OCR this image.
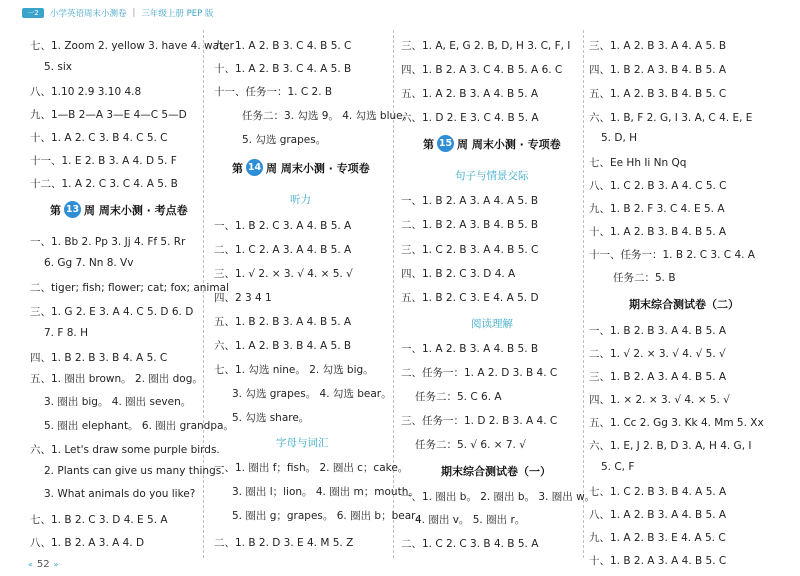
一2	小学英语周末小测卷 | 三年级上册 PEP 版
七、1. Zoom 2. yellow 3. have 4. water
5. six
八、1.10 2.9 3.10 4.8
九、1—B 2—A 3—E 4—C 5—D
十、1. A 2. C 3. B 4. C 5. C
十一、1. E 2. B 3. A 4. D 5. F
十二、1. A 2. C 3. C 4. A 5. B
第 13 周 周末小测 · 考点卷
一、1. Bb 2. Pp 3. Jj 4. Ff 5. Rr
6. Gg 7. Nn 8. Vv
二、tiger; fish; flower; cat; fox; animal
三、1. G 2. E 3. A 4. C 5. D 6. D
7. F 8. H
四、1. B 2. B 3. B 4. A 5. C
五、1. 圈出 brown。 2. 圈出 dog。
3. 圈出 big。 4. 圈出 seven。
5. 圈出 elephant。 6. 圈出 grandpa。
六、1. Let's draw some purple birds.
2. Plants can give us many things.
3. What animals do you like?
七、1. B 2. C 3. D 4. E 5. A
八、1. B 2. A 3. A 4. D
九、1. A 2. B 3. C 4. B 5. C
十、1. A 2. B 3. C 4. A 5. B
十一、任务一：1. C 2. B
任务二：3. 勾选 9。 4. 勾选 blue。
5. 勾选 grapes。
第 14 周 周末小测 · 专项卷
听力
一、1. B 2. C 3. A 4. B 5. A
二、1. C 2. A 3. A 4. B 5. A
三、1. √ 2. × 3. √ 4. × 5. √
四、2 3 4 1
五、1. B 2. B 3. A 4. B 5. A
六、1. A 2. B 3. B 4. A 5. B
七、1. 勾选 nine。 2. 勾选 big。
3. 勾选 grapes。 4. 勾选 bear。
5. 勾选 share。
字母与词汇
一、1. 圈出 f；fish。 2. 圈出 c；cake。
3. 圈出 l；lion。 4. 圈出 m；mouth。
5. 圈出 g；grapes。 6. 圈出 b；bear。
二、1. B 2. D 3. E 4. M 5. Z
三、1. A, E, G 2. B, D, H 3. C, F, I
四、1. B 2. A 3. C 4. B 5. A 6. C
五、1. A 2. B 3. A 4. B 5. A
六、1. D 2. E 3. C 4. B 5. A
第 15 周 周末小测 · 专项卷
句子与情景交际
一、1. B 2. A 3. A 4. A 5. B
二、1. B 2. A 3. B 4. B 5. B
三、1. C 2. B 3. A 4. B 5. C
四、1. B 2. C 3. D 4. A
五、1. B 2. C 3. E 4. A 5. D
阅读理解
一、1. A 2. B 3. A 4. B 5. B
二、任务一：1. A 2. D 3. B 4. C
任务二：5. C 6. A
三、任务一：1. D 2. B 3. A 4. C
任务二：5. √ 6. × 7. √
期末综合测试卷（一）
一、1. 圈出 b。 2. 圈出 b。 3. 圈出 w。
4. 圈出 v。 5. 圈出 r。
二、1. C 2. C 3. B 4. B 5. A
三、1. A 2. B 3. A 4. A 5. B
四、1. B 2. A 3. B 4. B 5. A
五、1. A 2. B 3. B 4. B 5. C
六、1. B, F 2. G, I 3. A, C 4. E, E
5. D, H
七、Ee Hh Ii Nn Qq
八、1. C 2. B 3. A 4. C 5. C
九、1. B 2. F 3. C 4. E 5. A
十、1. A 2. B 3. B 4. B 5. A
十一、任务一：1. B 2. C 3. C 4. A
任务二：5. B
期末综合测试卷（二）
一、1. B 2. B 3. A 4. B 5. A
二、1. √ 2. × 3. √ 4. √ 5. √
三、1. B 2. A 3. A 4. B 5. A
四、1. × 2. × 3. √ 4. × 5. √
五、1. Cc 2. Gg 3. Kk 4. Mm 5. Xx
六、1. E, J 2. B, D 3. A, H 4. G, I
5. C, F
七、1. C 2. B 3. B 4. A 5. A
八、1. A 2. B 3. A 4. B 5. A
九、1. A 2. B 3. E 4. A 5. C
十、1. B 2. A 3. A 4. B 5. C
« 52 »
